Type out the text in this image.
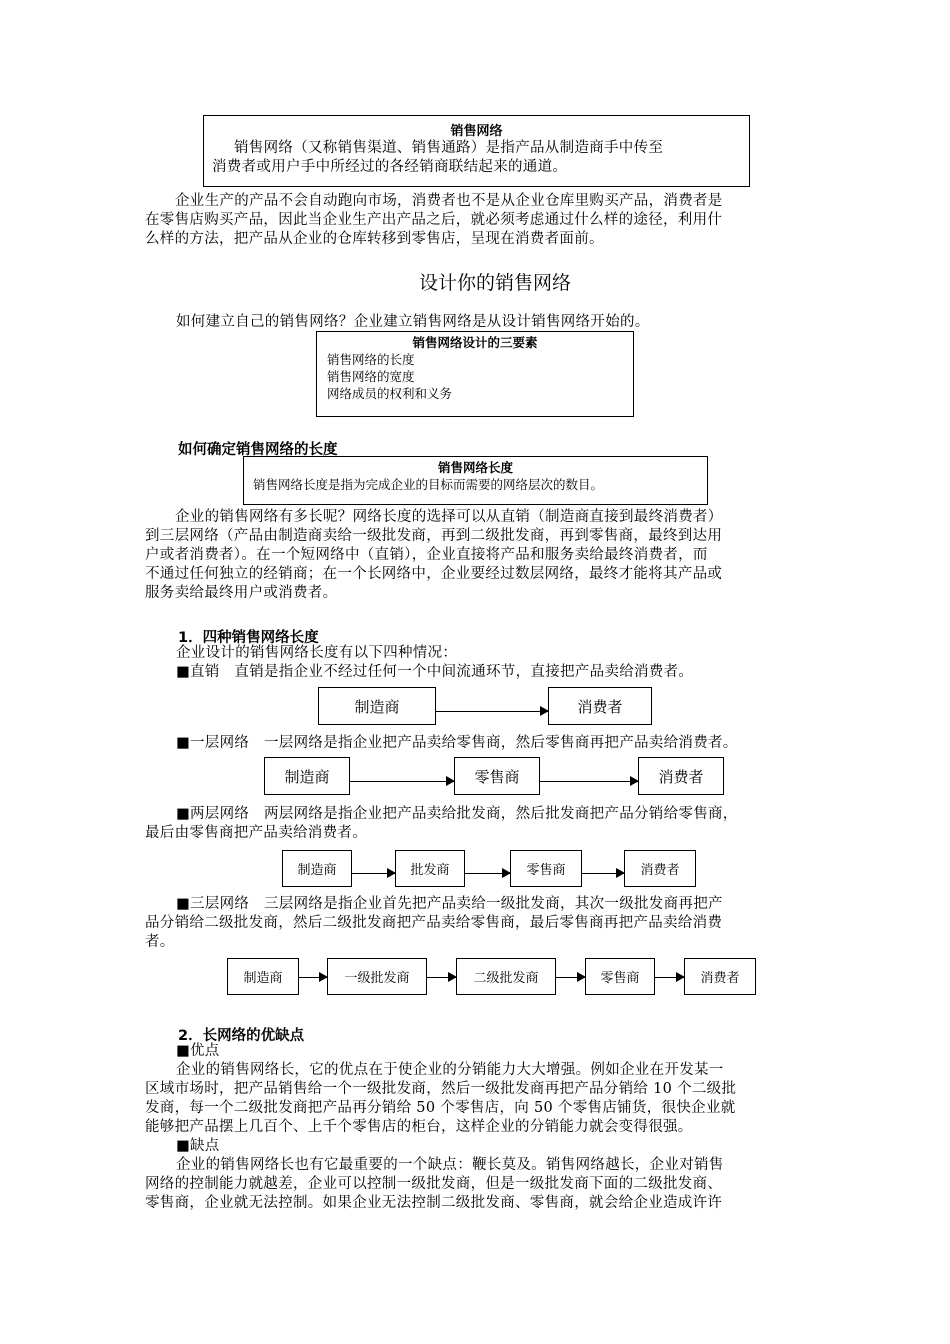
销售网络

销售网络（又称销售渠道、销售通路）是指产品从制造商手中传至

消费者或用户手中所经过的各经销商联结起来的通道。

企业生产的产品不会自动跑向市场，消费者也不是从企业仓库里购买产品，消费者是

在零售店购买产品，因此当企业生产出产品之后，就必须考虑通过什么样的途径，利用什

么样的方法，把产品从企业的仓库转移到零售店，呈现在消费者面前。

设计你的销售网络

如何建立自己的销售网络？企业建立销售网络是从设计销售网络开始的。

销售网络设计的三要素
销售网络的长度
销售网络的宽度
网络成员的权利和义务
如何确定销售网络的长度
销售网络长度
销售网络长度是指为完成企业的目标而需要的网络层次的数目。

企业的销售网络有多长呢？网络长度的选择可以从直销（制造商直接到最终消费者）

到三层网络（产品由制造商卖给一级批发商，再到二级批发商，再到零售商，最终到达用

户或者消费者）。在一个短网络中（直销），企业直接将产品和服务卖给最终消费者，而

不通过任何独立的经销商；在一个长网络中，企业要经过数层网络，最终才能将其产品或

服务卖给最终用户或消费者。

1．四种销售网络长度

企业设计的销售网络长度有以下四种情况：

■直销　直销是指企业不经过任何一个中间流通环节，直接把产品卖给消费者。

制造商	消费者

■一层网络　一层网络是指企业把产品卖给零售商，然后零售商再把产品卖给消费者。

制造商	零售商	消费者

■两层网络　两层网络是指企业把产品卖给批发商，然后批发商把产品分销给零售商，

最后由零售商把产品卖给消费者。

制造商	批发商	零售商	消费者

■三层网络　三层网络是指企业首先把产品卖给一级批发商，其次一级批发商再把产

品分销给二级批发商，然后二级批发商把产品卖给零售商，最后零售商再把产品卖给消费

者。

制造商	一级批发商	二级批发商	零售商	消费者
2．长网络的优缺点

■优点

企业的销售网络长，它的优点在于使企业的分销能力大大增强。例如企业在开发某一

区域市场时，把产品销售给一个一级批发商，然后一级批发商再把产品分销给 10 个二级批

发商，每一个二级批发商把产品再分销给 50 个零售店，向 50 个零售店铺货，很快企业就

能够把产品摆上几百个、上千个零售店的柜台，这样企业的分销能力就会变得很强。

■缺点

企业的销售网络长也有它最重要的一个缺点：鞭长莫及。销售网络越长，企业对销售

网络的控制能力就越差，企业可以控制一级批发商，但是一级批发商下面的二级批发商、

零售商，企业就无法控制。如果企业无法控制二级批发商、零售商，就会给企业造成许许
